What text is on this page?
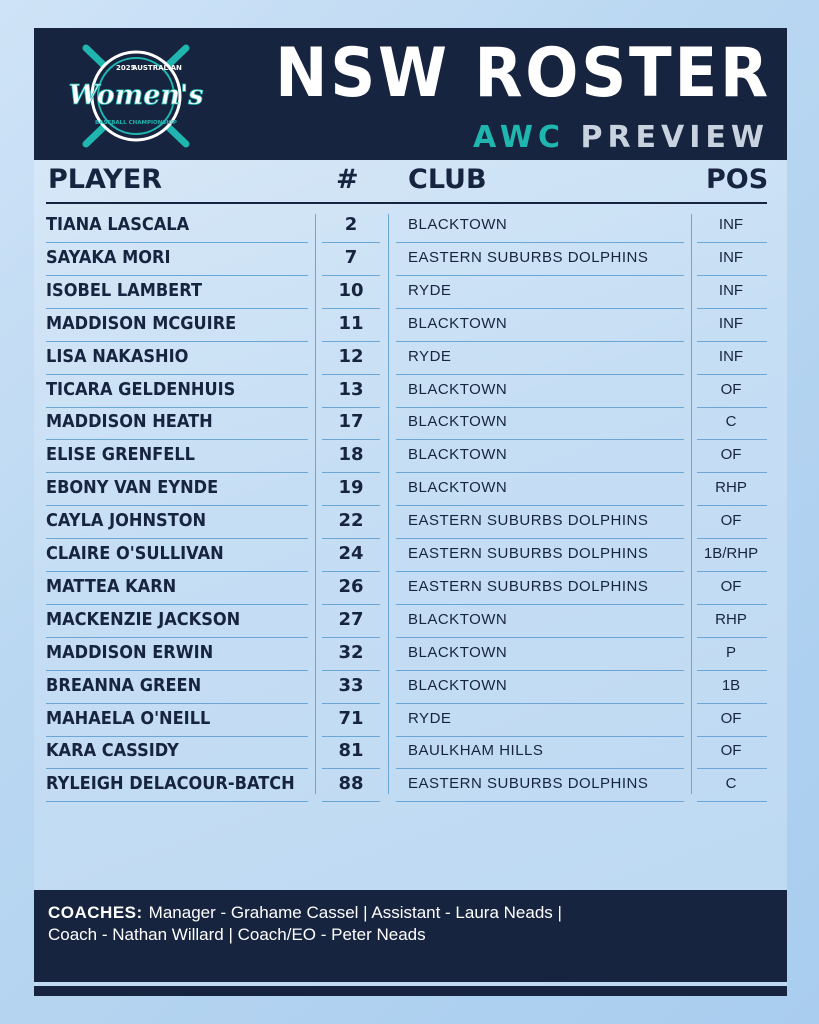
2025
AUSTRALIAN
Women's
BASEBALL CHAMPIONSHIP
NSW ROSTER
AWC PREVIEW
PLAYER	# CLUB	POS
TIANA LASCALA	2	BLACKTOWN	INF
SAYAKA MORI	7	EASTERN SUBURBS DOLPHINS	INF
ISOBEL LAMBERT	10	RYDE	INF
MADDISON MCGUIRE	11	BLACKTOWN	INF
LISA NAKASHIO	12	RYDE	INF
TICARA GELDENHUIS	13	BLACKTOWN	OF
MADDISON HEATH	17	BLACKTOWN	C
ELISE GRENFELL	18	BLACKTOWN	OF
EBONY VAN EYNDE	19	BLACKTOWN	RHP
CAYLA JOHNSTON	22	EASTERN SUBURBS DOLPHINS	OF
CLAIRE O'SULLIVAN	24	EASTERN SUBURBS DOLPHINS	1B/RHP
MATTEA KARN	26	EASTERN SUBURBS DOLPHINS	OF
MACKENZIE JACKSON	27	BLACKTOWN	RHP
MADDISON ERWIN	32	BLACKTOWN	P
BREANNA GREEN	33	BLACKTOWN	1B
MAHAELA O'NEILL	71	RYDE	OF
KARA CASSIDY	81	BAULKHAM HILLS	OF
RYLEIGH DELACOUR-BATCH	88	EASTERN SUBURBS DOLPHINS	C
COACHES: Manager - Grahame Cassel | Assistant - Laura Neads |
Coach - Nathan Willard | Coach/EO - Peter Neads
